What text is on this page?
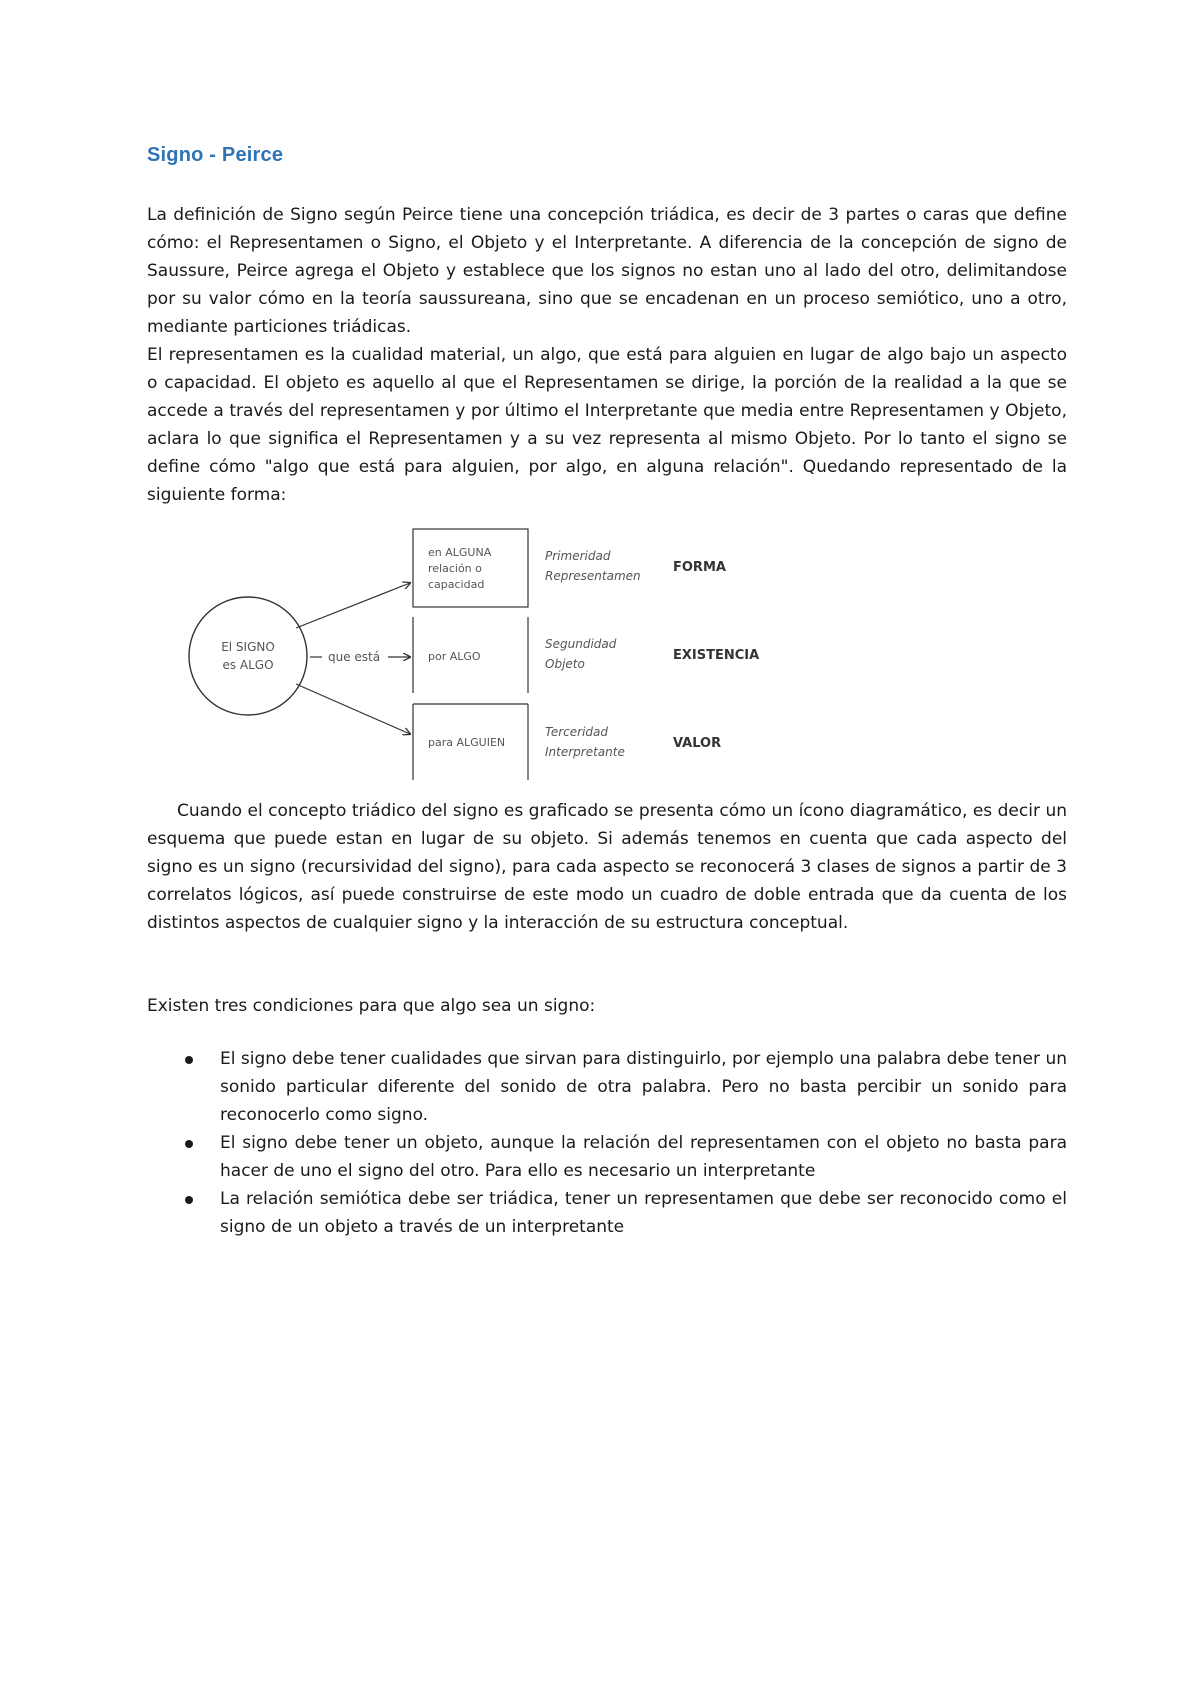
Signo - Peirce

La definición de Signo según Peirce tiene una concepción triádica, es decir de 3 partes o caras que define cómo: el Representamen o Signo, el Objeto y el Interpretante. A diferencia de la concepción de signo de Saussure, Peirce agrega el Objeto y establece que los signos no estan uno al lado del otro, delimitandose por su valor cómo en la teoría saussureana, sino que se encadenan en un proceso semiótico, uno a otro, mediante particiones triádicas.

El representamen es la cualidad material, un algo, que está para alguien en lugar de algo bajo un aspecto o capacidad. El objeto es aquello al que el Representamen se dirige, la porción de la realidad a la que se accede a través del representamen y por último el Interpretante que media entre Representamen y Objeto, aclara lo que significa el Representamen y a su vez representa al mismo Objeto. Por lo tanto el signo se define cómo "algo que está para alguien, por algo, en alguna relación". Quedando representado de la siguiente forma:

El SIGNO
es ALGO
que está
en ALGUNA
relación o
capacidad
Primeridad
Representamen
FORMA
por ALGO
Segundidad
Objeto
EXISTENCIA
para ALGUIEN
Terceridad
Interpretante
VALOR

Cuando el concepto triádico del signo es graficado se presenta cómo un ícono diagramático, es decir un esquema que puede estan en lugar de su objeto. Si además tenemos en cuenta que cada aspecto del signo es un signo (recursividad del signo), para cada aspecto se reconocerá 3 clases de signos a partir de 3 correlatos lógicos, así puede construirse de este modo un cuadro de doble entrada que da cuenta de los distintos aspectos de cualquier signo y la interacción de su estructura conceptual.

Existen tres condiciones para que algo sea un signo:

El signo debe tener cualidades que sirvan para distinguirlo, por ejemplo una palabra debe tener un sonido particular diferente del sonido de otra palabra. Pero no basta percibir un sonido para reconocerlo como signo.
El signo debe tener un objeto, aunque la relación del representamen con el objeto no basta para hacer de uno el signo del otro. Para ello es necesario un interpretante
La relación semiótica debe ser triádica, tener un representamen que debe ser reconocido como el signo de un objeto a través de un interpretante
